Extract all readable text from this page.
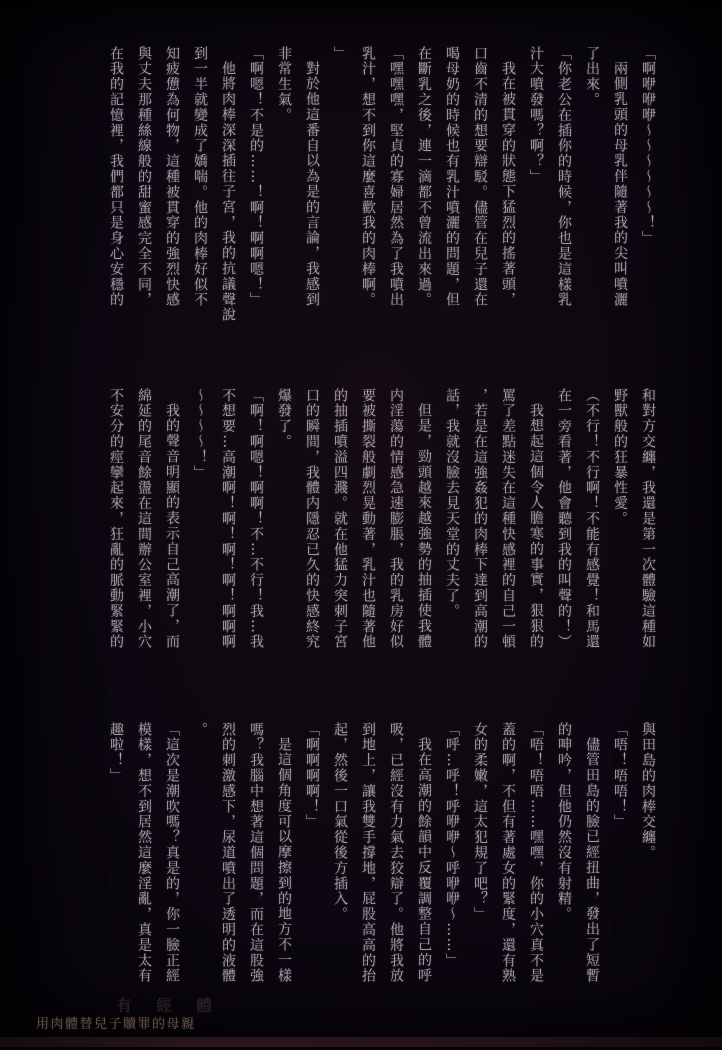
「啊咿咿咿～～～～～～！」

兩側乳頭的母乳伴隨著我的尖叫噴灑

了出來。

「你老公在插你的時候，你也是這樣乳

汁大噴發嗎？啊？」

我在被貫穿的狀態下猛烈的搖著頭，

口齒不清的想要辯駁。儘管在兒子還在

喝母奶的時候也有乳汁噴灑的問題，但

在斷乳之後，連一滴都不曾流出來過。

「嘿嘿嘿，堅貞的寡婦居然為了我噴出

乳汁，想不到你這麼喜歡我的肉棒啊。

」

對於他這番自以為是的言論，我感到

非常生氣。

「啊嗯！不是的……！啊！啊啊嗯！」

他將肉棒深深插往子宮，我的抗議聲說

到一半就變成了嬌喘。他的肉棒好似不

知疲憊為何物，這種被貫穿的強烈快感

與丈夫那種絲線般的甜蜜感完全不同，

在我的記憶裡，我們都只是身心安穩的

和對方交纏，我還是第一次體驗這種如

野獸般的狂暴性愛。

（不行！不行啊！不能有感覺！和馬還

在一旁看著，他會聽到我的叫聲的！）

我想起這個令人膽寒的事實，狠狠的

罵了差點迷失在這種快感裡的自己一頓

，若是在這強姦犯的肉棒下達到高潮的

話，我就沒臉去見天堂的丈夫了。

但是，勁頭越來越強勢的抽插使我體

内淫蕩的情感急速膨脹，我的乳房好似

要被撕裂般劇烈晃動著，乳汁也隨著他

的抽插噴溢四濺。就在他猛力突刺子宮

口的瞬間，我體内隱忍已久的快感終究

爆發了。

「啊！啊嗯！啊啊！不…不行！我…我

不想要…高潮啊！啊！啊！啊！啊啊啊

～～～～！」

我的聲音明顯的表示自己高潮了，而

綿延的尾音餘盪在這間辦公室裡，小穴

不安分的痙攣起來，狂亂的脈動緊緊的

與田島的肉棒交纏。

「唔！唔唔！」

儘管田島的臉已經扭曲，發出了短暫

的呻吟，但他仍然沒有射精。

「唔！唔唔……嘿嘿，你的小穴真不是

蓋的啊，不但有著處女的緊度，還有熟

女的柔嫩，這太犯規了吧？」

「呼…呼！呼咿咿～呼咿咿～……」

我在高潮的餘韻中反覆調整自己的呼

吸，已經沒有力氣去狡辯了。他將我放

到地上，讓我雙手撐地，屁股高高的抬

起，然後一口氣從後方插入。

「啊啊啊啊！」

是這個角度可以摩擦到的地方不一樣

嗎？我腦中想著這個問題，而在這股強

烈的刺激感下，尿道噴出了透明的液體

。

「這次是潮吹嗎？真是的，你一臉正經

模樣，想不到居然這麼淫亂，真是太有

趣啦！」

有經體
用肉體替兒子贖罪的母親
